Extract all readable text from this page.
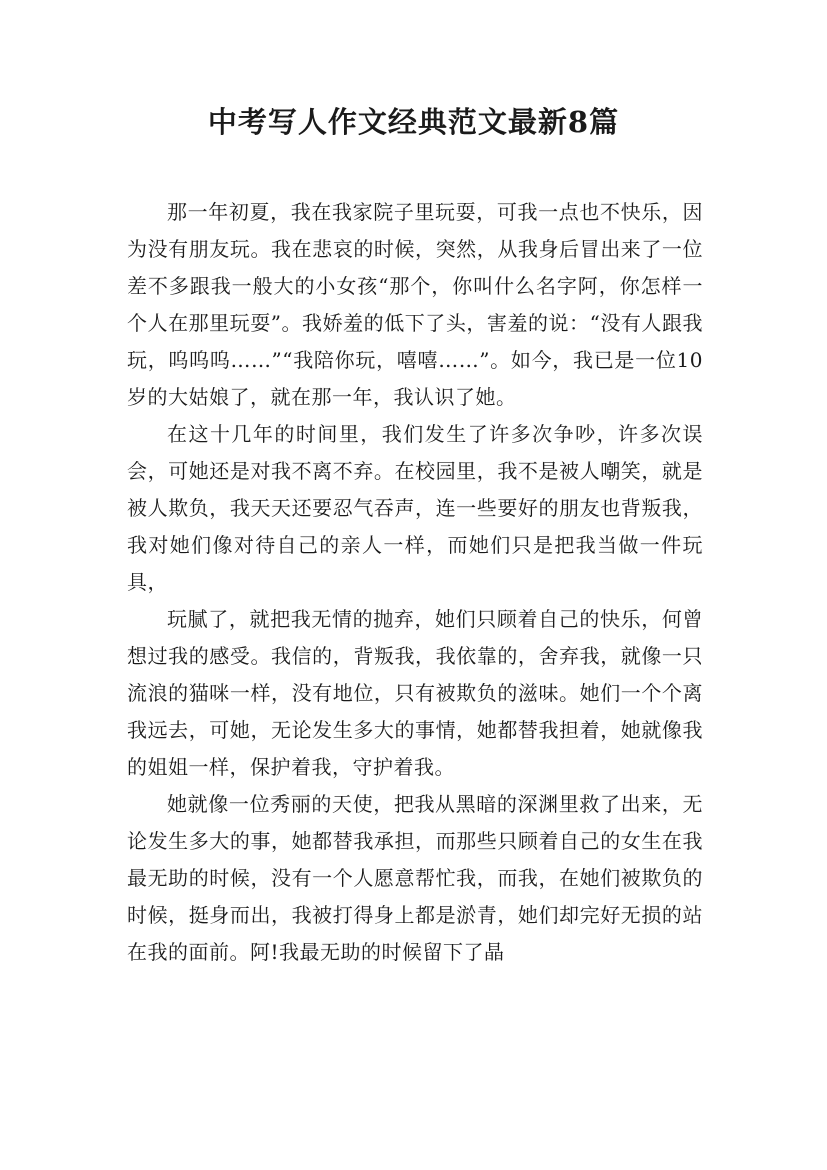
中考写人作文经典范文最新8篇

那一年初夏，我在我家院子里玩耍，可我一点也不快乐，因为没有朋友玩。我在悲哀的时候，突然，从我身后冒出来了一位差不多跟我一般大的小女孩“那个，你叫什么名字阿，你怎样一个人在那里玩耍”。我娇羞的低下了头，害羞的说：“没有人跟我玩，呜呜呜……”“我陪你玩，嘻嘻……”。如今，我已是一位10岁的大姑娘了，就在那一年，我认识了她。

在这十几年的时间里，我们发生了许多次争吵，许多次误会，可她还是对我不离不弃。在校园里，我不是被人嘲笑，就是被人欺负，我天天还要忍气吞声，连一些要好的朋友也背叛我，我对她们像对待自己的亲人一样，而她们只是把我当做一件玩具，

玩腻了，就把我无情的抛弃，她们只顾着自己的快乐，何曾想过我的感受。我信的，背叛我，我依靠的，舍弃我，就像一只流浪的猫咪一样，没有地位，只有被欺负的滋味。她们一个个离我远去，可她，无论发生多大的事情，她都替我担着，她就像我的姐姐一样，保护着我，守护着我。

她就像一位秀丽的天使，把我从黑暗的深渊里救了出来，无论发生多大的事，她都替我承担，而那些只顾着自己的女生在我最无助的时候，没有一个人愿意帮忙我，而我，在她们被欺负的时候，挺身而出，我被打得身上都是淤青，她们却完好无损的站在我的面前。阿!我最无助的时候留下了晶
